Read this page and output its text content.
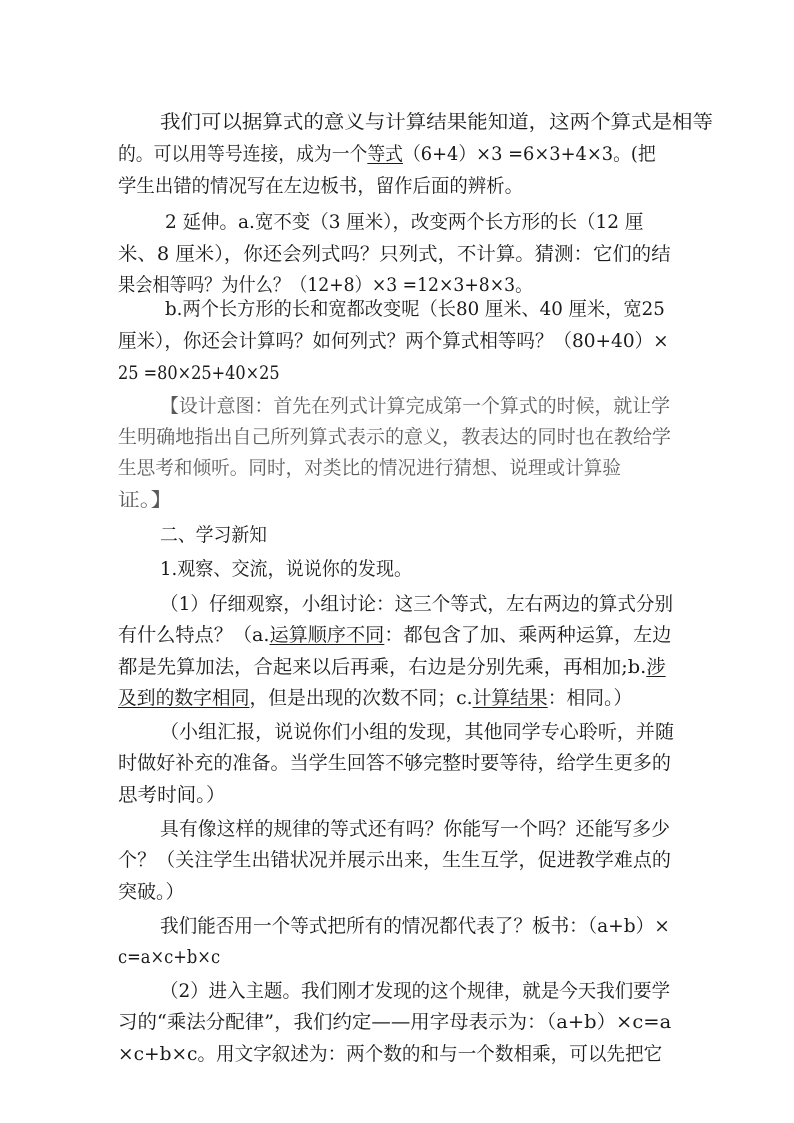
我们可以据算式的意义与计算结果能知道，这两个算式是相等
的。可以用等号连接，成为一个等式（6+4）×3 =6×3+4×3。(把
学生出错的情况写在左边板书，留作后面的辨析。
2 延伸。a.宽不变（3 厘米），改变两个长方形的长（12 厘
米、8 厘米），你还会列式吗？只列式，不计算。猜测：它们的结
果会相等吗？为什么？（12+8）×3 =12×3+8×3。
b.两个长方形的长和宽都改变呢（长80 厘米、40 厘米，宽25
厘米），你还会计算吗？如何列式？两个算式相等吗？（80+40）×
25 =80×25+40×25
【设计意图：首先在列式计算完成第一个算式的时候，就让学
生明确地指出自己所列算式表示的意义，教表达的同时也在教给学
生思考和倾听。同时，对类比的情况进行猜想、说理或计算验
证。】
二、学习新知
1.观察、交流，说说你的发现。
（1）仔细观察，小组讨论：这三个等式，左右两边的算式分别
有什么特点？（a.运算顺序不同：都包含了加、乘两种运算，左边
都是先算加法，合起来以后再乘，右边是分别先乘，再相加;b.涉
及到的数字相同，但是出现的次数不同；c.计算结果：相同。）
（小组汇报，说说你们小组的发现，其他同学专心聆听，并随
时做好补充的准备。当学生回答不够完整时要等待，给学生更多的
思考时间。）
具有像这样的规律的等式还有吗？你能写一个吗？还能写多少
个？（关注学生出错状况并展示出来，生生互学，促进教学难点的
突破。）
我们能否用一个等式把所有的情况都代表了？板书：（a+b）×
c=a×c+b×c
（2）进入主题。我们刚才发现的这个规律，就是今天我们要学
习的“乘法分配律”，我们约定——用字母表示为：（a+b）×c=a
×c+b×c。用文字叙述为：两个数的和与一个数相乘，可以先把它
